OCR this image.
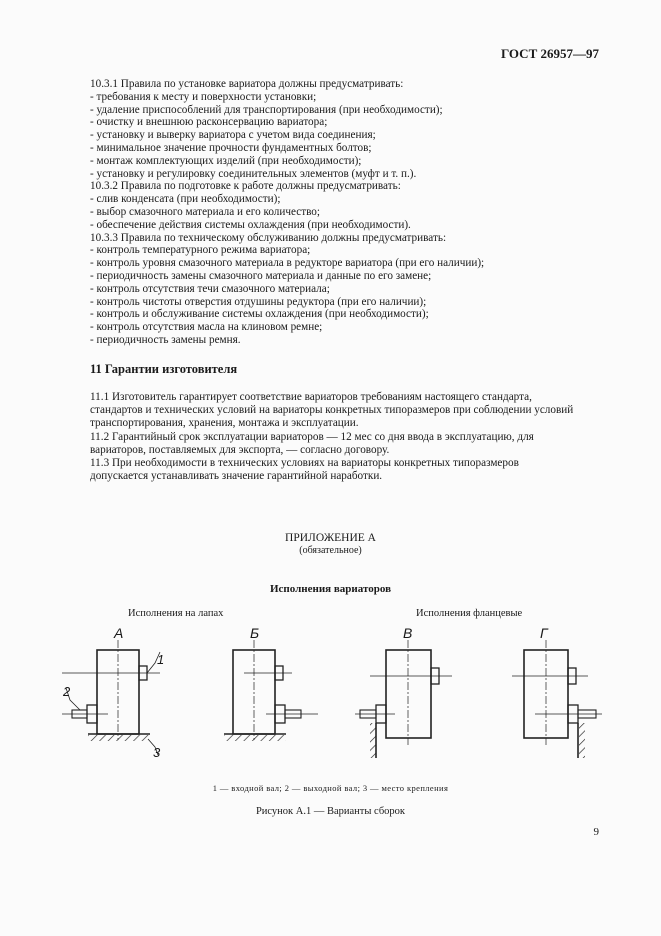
ГОСТ 26957—97
10.3.1 Правила по установке вариатора должны предусматривать:
- требования к месту и поверхности установки;
- удаление приспособлений для транспортирования (при необходимости);
- очистку и внешнюю расконсервацию вариатора;
- установку и выверку вариатора с учетом вида соединения;
- минимальное значение прочности фундаментных болтов;
- монтаж комплектующих изделий (при необходимости);
- установку и регулировку соединительных элементов (муфт и т. п.).
10.3.2 Правила по подготовке к работе должны предусматривать:
- слив конденсата (при необходимости);
- выбор смазочного материала и его количество;
- обеспечение действия системы охлаждения (при необходимости).
10.3.3 Правила по техническому обслуживанию должны предусматривать:
- контроль температурного режима вариатора;
- контроль уровня смазочного материала в редукторе вариатора (при его наличии);
- периодичность замены смазочного материала и данные по его замене;
- контроль отсутствия течи смазочного материала;
- контроль чистоты отверстия отдушины редуктора (при его наличии);
- контроль и обслуживание системы охлаждения (при необходимости);
- контроль отсутствия масла на клиновом ремне;
- периодичность замены ремня.
11 Гарантии изготовителя
11.1 Изготовитель гарантирует соответствие вариаторов требованиям настоящего стандарта,
стандартов и технических условий на вариаторы конкретных типоразмеров при соблюдении условий
транспортирования, хранения, монтажа и эксплуатации.
11.2 Гарантийный срок эксплуатации вариаторов — 12 мес со дня ввода в эксплуатацию, для
вариаторов, поставляемых для экспорта, — согласно договору.
11.3 При необходимости в технических условиях на вариаторы конкретных типоразмеров
допускается устанавливать значение гарантийной наработки.
ПРИЛОЖЕНИЕ А
(обязательное)
Исполнения вариаторов
Исполнения на лапах	Исполнения фланцевые
А	Б	В	Г
1
2
3
1 — входной вал; 2 — выходной вал; 3 — место крепления
Рисунок А.1 — Варианты сборок
9
